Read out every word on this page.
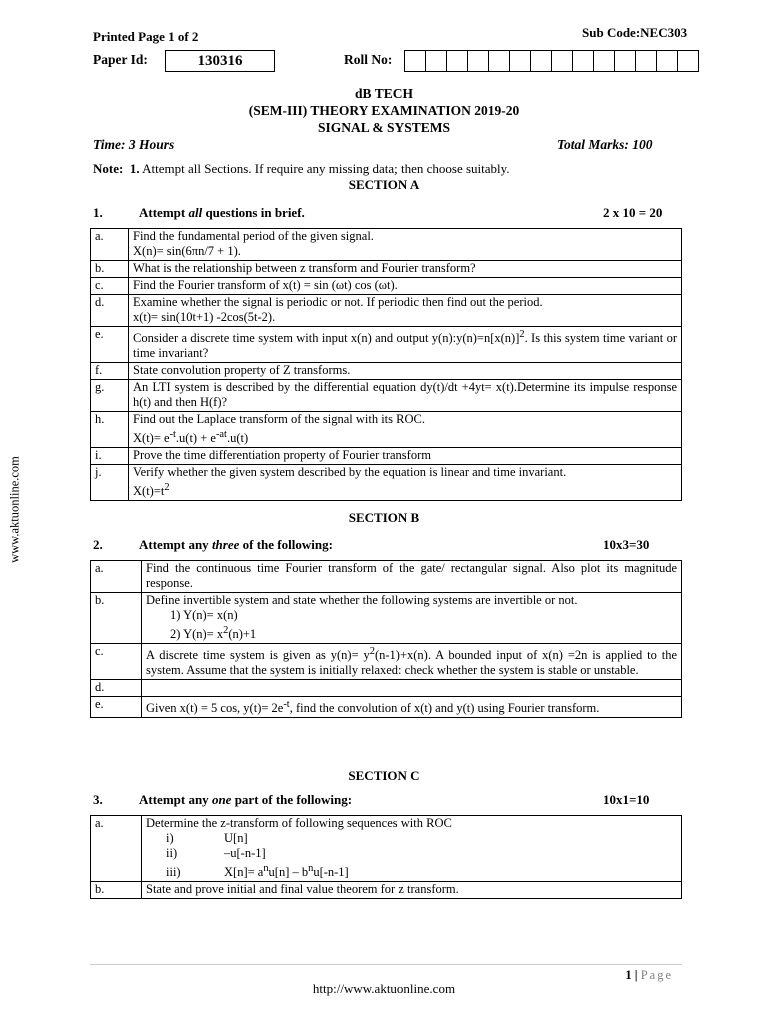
Printed Page 1 of 2	Sub Code:NEC303
Paper Id:	130316	Roll No:
www.aktuonline.com
dB TECH
(SEM-III) THEORY EXAMINATION 2019-20
SIGNAL & SYSTEMS
Time: 3 Hours	Total Marks: 100
Note: 1. Attempt all Sections. If require any missing data; then choose suitably.
SECTION A
1.	Attempt all questions in brief.	2 x 10 = 20
a.	Find the fundamental period of the given signal.
X(n)= sin(6πn/7 + 1).
b.	What is the relationship between z transform and Fourier transform?
c.	Find the Fourier transform of x(t) = sin (ωt) cos (ωt).
d.	Examine whether the signal is periodic or not. If periodic then find out the period.
x(t)= sin(10t+1) -2cos(5t-2).
e.	Consider a discrete time system with input x(n) and output $y(n):y(n)=n[x(n)]^2$. Is this system time variant or time invariant?
f.	State convolution property of Z transforms.
g.	An LTI system is described by the differential equation dy(t)/dt +4yt= x(t).Determine its impulse response h(t) and then H(f)?
h.	Find out the Laplace transform of the signal with its ROC.
$X(t)= e^{-t}.u(t) + e^{-at}.u(t)$
i.	Prove the time differentiation property of Fourier transform
j.	Verify whether the given system described by the equation is linear and time invariant.
$X(t)=t^2$
SECTION B
2.	Attempt any three of the following:	10x3=30
a.	Find the continuous time Fourier transform of the gate/ rectangular signal. Also plot its magnitude response.
b.	Define invertible system and state whether the following systems are invertible or not.
1) Y(n)= x(n)
2) $Y(n)= x^2(n)+1$

c.	A discrete time system is given as $y(n)= y^2(n-1)+x(n)$. A bounded input of x(n) =2n is applied to the system. Assume that the system is initially relaxed: check whether the system is stable or unstable.
d.	
e.	Given x(t) = 5 cos, $y(t)= 2e^{-t}$, find the convolution of x(t) and y(t) using Fourier transform.
SECTION C
3.	Attempt any one part of the following:	10x1=10
a.	Determine the z-transform of following sequences with ROC
i) U[n]
ii) –u[-n-1]
iii) $X[n]= a^nu[n] - b^nu[-n-1]$

b.	State and prove initial and final value theorem for z transform.
1 | Page
http://www.aktuonline.com
